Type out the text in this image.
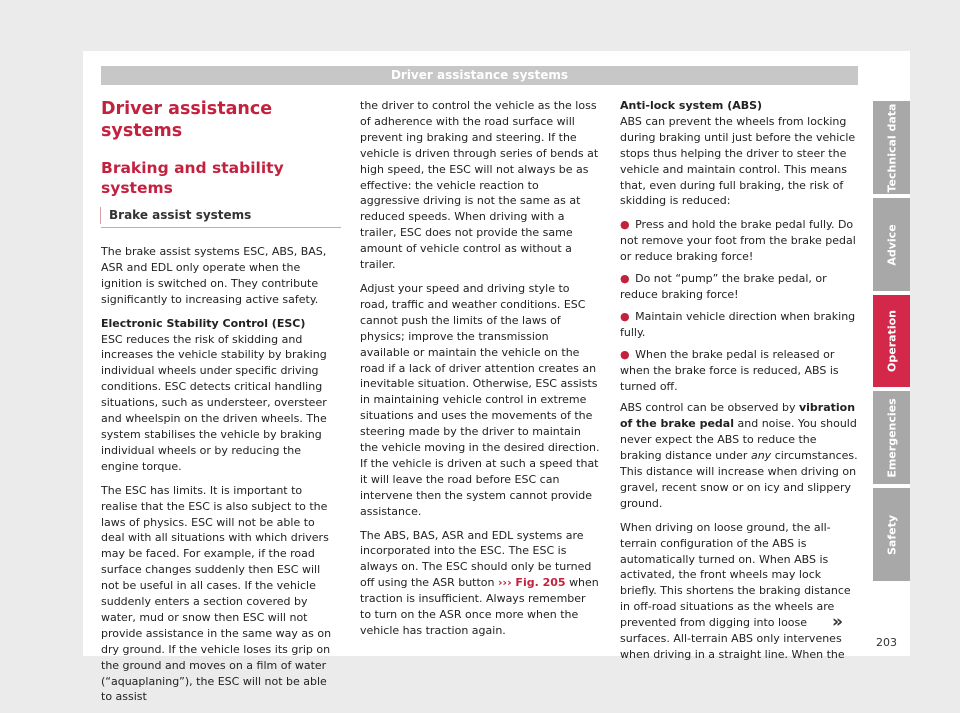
Driver assistance systems
Driver assistance systems
Braking and stability systems
Brake assist systems

The brake assist systems ESC, ABS, BAS, ASR and EDL only operate when the ignition is switched on. They contribute significantly to increasing active safety.

Electronic Stability Control (ESC)

ESC reduces the risk of skidding and increases the vehicle stability by braking individual wheels under specific driving conditions. ESC detects critical handling situations, such as understeer, oversteer and wheelspin on the driven wheels. The system stabilises the vehicle by braking individual wheels or by reducing the engine torque.

The ESC has limits. It is important to realise that the ESC is also subject to the laws of physics. ESC will not be able to deal with all situations with which drivers may be faced. For example, if the road surface changes suddenly then ESC will not be useful in all cases. If the vehicle suddenly enters a section covered by water, mud or snow then ESC will not provide assistance in the same way as on dry ground. If the vehicle loses its grip on the ground and moves on a film of water (“aquaplaning”), the ESC will not be able to assist

the driver to control the vehicle as the loss of adherence with the road surface will prevent ing braking and steering. If the vehicle is driven through series of bends at high speed, the ESC will not always be as effective: the vehicle reaction to aggressive driving is not the same as at reduced speeds. When driving with a trailer, ESC does not provide the same amount of vehicle control as without a trailer.

Adjust your speed and driving style to road, traffic and weather conditions. ESC cannot push the limits of the laws of physics; improve the transmission available or maintain the vehicle on the road if a lack of driver attention creates an inevitable situation. Otherwise, ESC assists in maintaining vehicle control in extreme situations and uses the movements of the steering made by the driver to maintain the vehicle moving in the desired direction. If the vehicle is driven at such a speed that it will leave the road before ESC can intervene then the system cannot provide assistance.

The ABS, BAS, ASR and EDL systems are incorporated into the ESC. The ESC is always on. The ESC should only be turned off using the ASR button ››› Fig. 205 when traction is insufficient. Always remember to turn on the ASR once more when the vehicle has traction again.

Anti-lock system (ABS)

ABS can prevent the wheels from locking during braking until just before the vehicle stops thus helping the driver to steer the vehicle and maintain control. This means that, even during full braking, the risk of skidding is reduced:

● Press and hold the brake pedal fully. Do not remove your foot from the brake pedal or reduce braking force!

● Do not “pump” the brake pedal, or reduce braking force!

● Maintain vehicle direction when braking fully.

● When the brake pedal is released or when the brake force is reduced, ABS is turned off.

ABS control can be observed by vibration of the brake pedal and noise. You should never expect the ABS to reduce the braking distance under any circumstances. This distance will increase when driving on gravel, recent snow or on icy and slippery ground.

When driving on loose ground, the all-terrain configuration of the ABS is automatically turned on. When ABS is activated, the front wheels may lock briefly. This shortens the braking distance in off-road situations as the wheels are prevented from digging into loose surfaces. All-terrain ABS only intervenes when driving in a straight line. When the

Technical data
Advice
Operation
Emergencies
Safety
»
203
